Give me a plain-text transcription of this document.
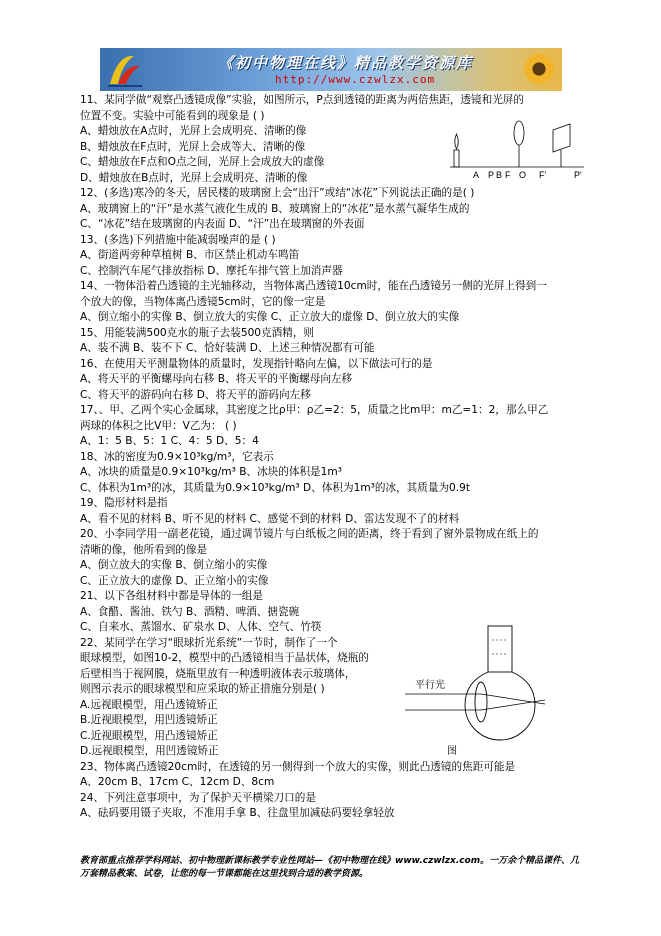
《初中物理在线》精品教学资源库
http://www.czwlzx.com
11、某同学做“观察凸透镜成像”实验，如图所示，P点到透镜的距离为两倍焦距，透镜和光屏的
位置不变。实验中可能看到的现象是 ( )
A、蜡烛放在A点时，光屏上会成明亮、清晰的像
B、蜡烛放在F点时，光屏上会成等大、清晰的像
C、蜡烛放在F点和O点之间，光屏上会成放大的虚像
D、蜡烛放在B点时，光屏上会成明亮、清晰的像
12、(多选)寒冷的冬天，居民楼的玻璃窗上会“出汗”或结“冰花”下列说法正确的是( )
A、玻璃窗上的“汗”是水蒸气液化生成的 B、玻璃窗上的“冰花”是水蒸气凝华生成的
C、“冰花”结在玻璃窗的内表面 D、“汗”出在玻璃窗的外表面
13、(多选)下列措施中能减弱噪声的是 ( )
A、街道两旁种草植树 B、市区禁止机动车鸣笛
C、控制汽车尾气排放指标 D、摩托车排气管上加消声器
14、一物体沿着凸透镜的主光轴移动，当物体离凸透镜10cm时，能在凸透镜另一侧的光屏上得到一
个放大的像，当物体离凸透镜5cm时，它的像一定是
A、倒立缩小的实像 B、倒立放大的实像 C、正立放大的虚像 D、倒立放大的实像
15、用能装满500克水的瓶子去装500克酒精，则
A、装不满 B、装不下 C、恰好装满 D、上述三种情况都有可能
16、在使用天平测量物体的质量时，发现指针略向左偏，以下做法可行的是
A、将天平的平衡螺母向右移 B、将天平的平衡螺母向左移
C、将天平的游码向右移 D、将天平的游码向左移
17、、甲、乙两个实心金属球，其密度之比ρ甲：ρ乙=2：5，质量之比m甲：m乙=1：2，那么甲乙
两球的体积之比V甲：V乙为： ( )
A、1：5 B、5：1 C、4：5 D、5：4
18、冰的密度为0.9×10³kg/m³，它表示
A、冰块的质量是0.9×10³kg/m³ B、冰块的体积是1m³
C、体积为1m³的冰，其质量为0.9×10³kg/m³ D、体积为1m³的冰，其质量为0.9t
19、隐形材料是指
A、看不见的材料 B、听不见的材料 C、感觉不到的材料 D、雷达发现不了的材料
20、小李同学用一副老花镜，通过调节镜片与白纸板之间的距离，终于看到了窗外景物成在纸上的
清晰的像，他所看到的像是
A、倒立放大的实像 B、倒立缩小的实像
C、正立放大的虚像 D、正立缩小的实像
21、以下各组材料中都是导体的一组是
A、食醋、酱油、铁勺 B、酒精、啤酒、搪瓷碗
C、自来水、蒸馏水、矿泉水 D、人体、空气、竹筷
22、某同学在学习“眼球折光系统”一节时，制作了一个
眼球模型，如图10-2，模型中的凸透镜相当于晶状体，烧瓶的
后壁相当于视网膜，烧瓶里放有一种透明液体表示玻璃体，
则图示表示的眼球模型和应采取的矫正措施分别是( )
A.远视眼模型，用凸透镜矫正
B.近视眼模型，用凹透镜矫正
C.近视眼模型，用凸透镜矫正
D.远视眼模型，用凹透镜矫正
23、物体离凸透镜20cm时，在透镜的另一侧得到一个放大的实像，则此凸透镜的焦距可能是
A、20cm B、17cm C、12cm D、8cm
24、下列注意事项中，为了保护天平横梁刀口的是
A、砝码要用镊子夹取，不准用手拿 B、往盘里加减砝码要轻拿轻放
A P B F O F'	P'
平行光
图
教育部重点推荐学科网站、初中物理新课标教学专业性网站—《初中物理在线》www.czwlzx.com。一万余个精品课件、几万套精品教案、试卷，让您的每一节课都能在这里找到合适的教学资源。
